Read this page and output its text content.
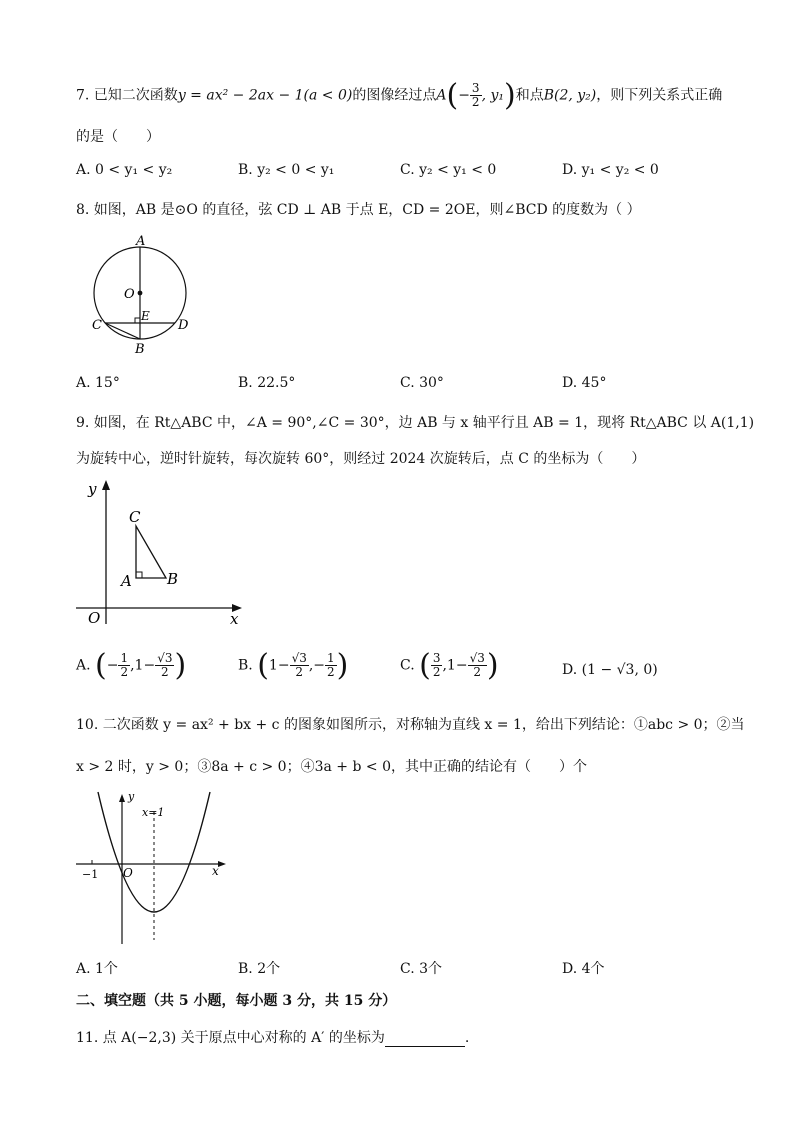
7. 已知二次函数y = ax² − 2ax − 1(a < 0)的图像经过点$A(- \frac{3}{2}$ , y₁)和点B(2, y₂)，则下列关系式正确
的是（　　）
A. 0 < y₁ < y₂	B. y₂ < 0 < y₁	C. y₂ < y₁ < 0	D. y₁ < y₂ < 0
8. 如图，AB 是⊙O 的直径，弦 CD ⊥ AB 于点 E，CD = 2OE，则∠BCD 的度数为（ ）
A
O
E
C	D
B
A. 15°	B. 22.5°	C. 30°	D. 45°
9. 如图，在 Rt△ABC 中，∠A = 90°,∠C = 30°，边 AB 与 x 轴平行且 AB = 1，现将 Rt△ABC 以 A(1,1)
为旋转中心，逆时针旋转，每次旋转 60°，则经过 2024 次旋转后，点 C 的坐标为（　　）
y
C
A B
O	x
A. (− $\frac{1}{2} ,1- \frac{√3}{2}$ )	B. ($1- \frac{√3}{2}$ ,− $\frac{1}{2}$ )	C. ( $\frac{3}{2} ,1- \frac{√3}{2}$ )	D. (1 − √3, 0)
10. 二次函数 y = ax² + bx + c 的图象如图所示，对称轴为直线 x = 1，给出下列结论：①abc > 0；②当
x > 2 时，y > 0；③8a + c > 0；④3a + b < 0，其中正确的结论有（　　）个
y
x=1
−1 O	x
A. 1个	B. 2个	C. 3个	D. 4个
二、填空题（共 5 小题，每小题 3 分，共 15 分）
11. 点 A(−2,3) 关于原点中心对称的 A′ 的坐标为	.
